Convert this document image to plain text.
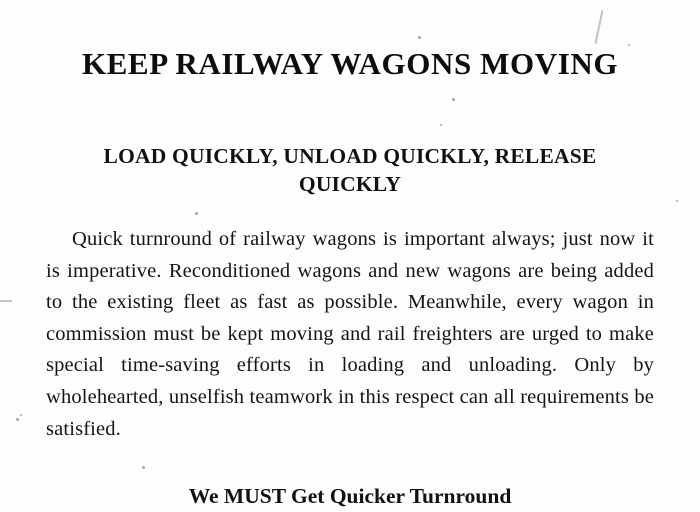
KEEP RAILWAY WAGONS MOVING
LOAD QUICKLY, UNLOAD QUICKLY, RELEASE
QUICKLY

Quick turnround of railway wagons is important always; just now it is imperative. Reconditioned wagons and new wagons are being added to the existing fleet as fast as possible. Meanwhile, every wagon in commission must be kept moving and rail freighters are urged to make special time-saving efforts in loading and unloading. Only by wholehearted, unselfish teamwork in this respect can all requirements be satisfied.

We MUST Get Quicker Turnround
